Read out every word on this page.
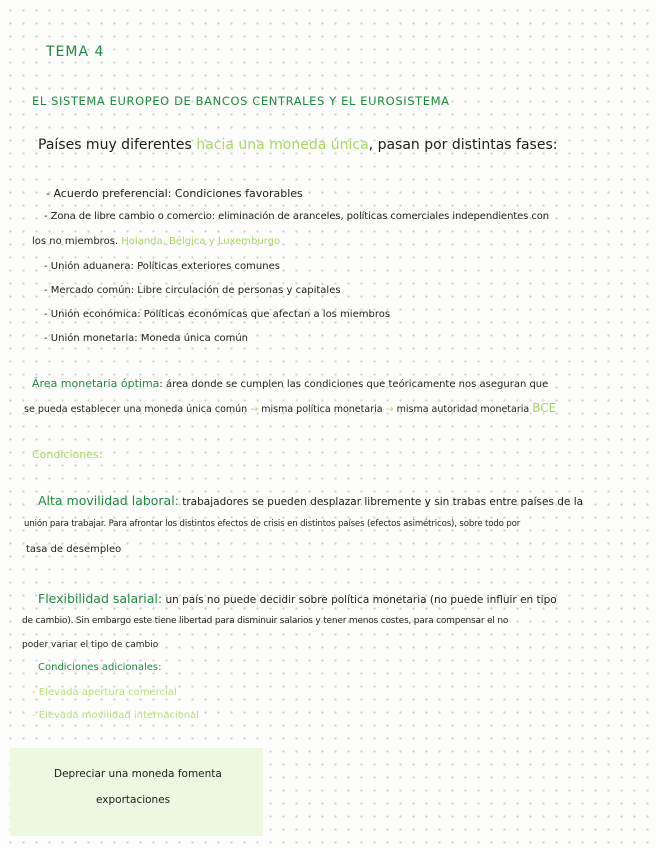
TEMA 4
EL SISTEMA EUROPEO DE BANCOS CENTRALES Y EL EUROSISTEMA
Países muy diferentes hacia una moneda única, pasan por distintas fases:
- Acuerdo preferencial: Condiciones favorables
- Zona de libre cambio o comercio: eliminación de aranceles, políticas comerciales independientes con
los no miembros. Holanda, Bélgica y Luxemburgo
- Unión aduanera: Políticas exteriores comunes
- Mercado común: Libre circulación de personas y capitales
- Unión económica: Políticas económicas que afectan a los miembros
- Unión monetaria: Moneda única común
Área monetaria óptima: área donde se cumplen las condiciones que teóricamente nos aseguran que
se pueda establecer una moneda única común → misma política monetaria → misma autoridad monetaria BCE
Condiciones:
Alta movilidad laboral: trabajadores se pueden desplazar libremente y sin trabas entre países de la
unión para trabajar. Para afrontar los distintos efectos de crisis en distintos países (efectos asimétricos), sobre todo por
tasa de desempleo
Flexibilidad salarial: un país no puede decidir sobre política monetaria (no puede influir en tipo
de cambio). Sin embargo este tiene libertad para disminuir salarios y tener menos costes, para compensar el no
poder variar el tipo de cambio
Condiciones adicionales:
- Elevada apertura comercial
- Elevada movilidad internacional
Depreciar una moneda fomenta
exportaciones
